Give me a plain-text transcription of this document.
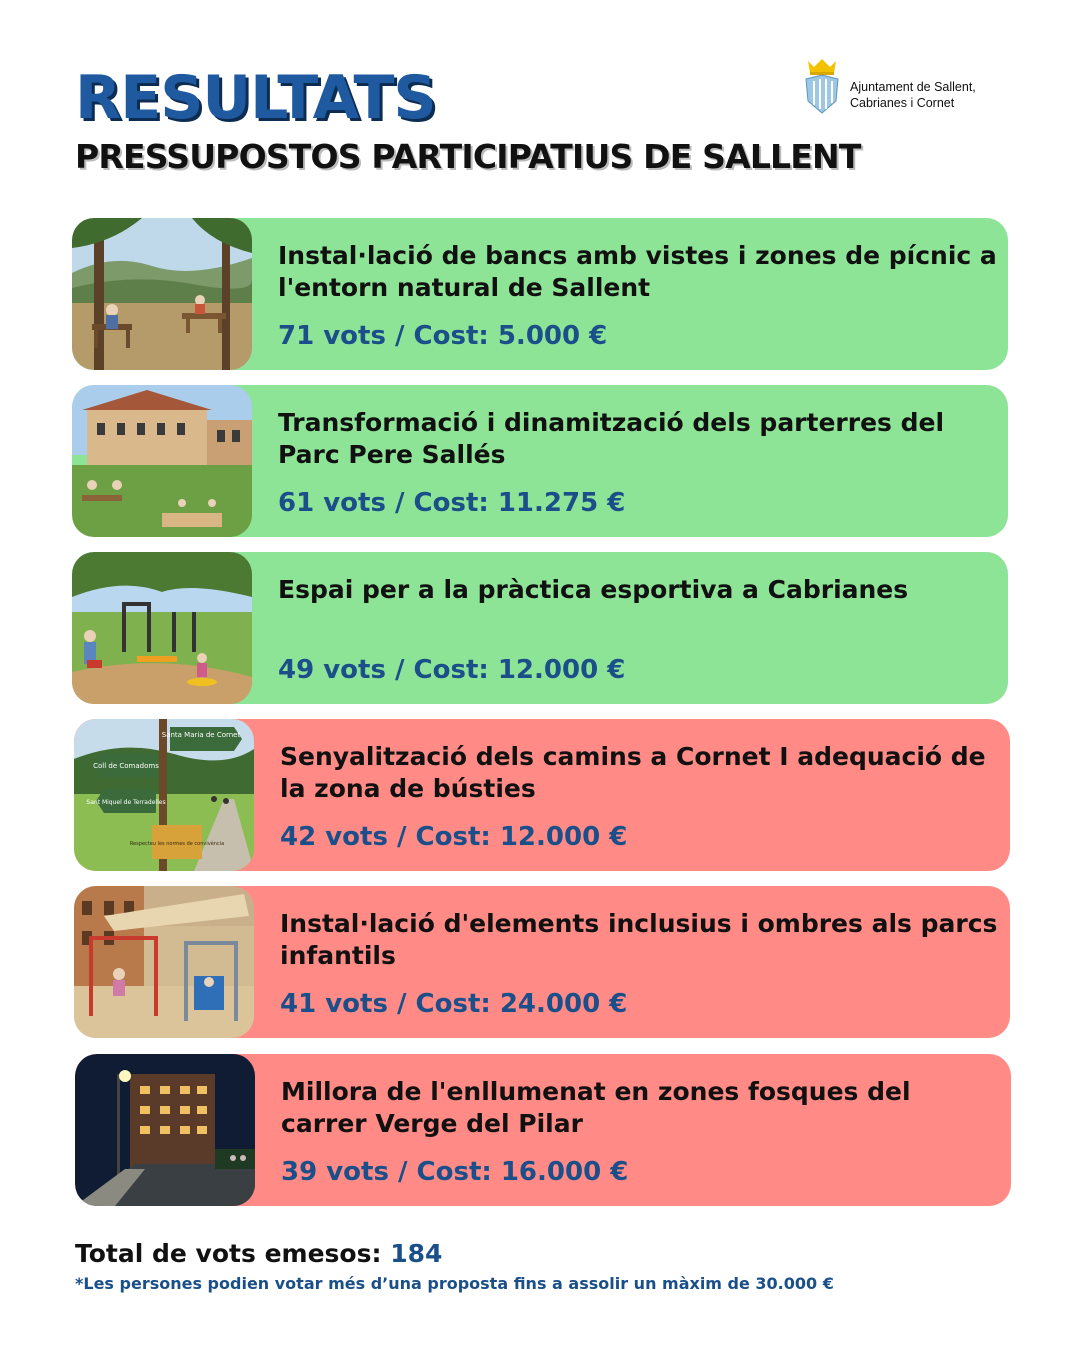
RESULTATS
PRESSUPOSTOS PARTICIPATIUS DE SALLENT
Ajuntament de Sallent,
Cabrianes i Cornet
Instal·lació de bancs amb vistes i zones de pícnic a l'entorn natural de Sallent
71 vots / Cost: 5.000 €
Transformació i dinamització dels parterres del Parc Pere Sallés
61 vots / Cost: 11.275 €
Espai per a la pràctica esportiva a Cabrianes
49 vots / Cost: 12.000 €
Santa Maria de Cornet
Coll de Comadoms
Sant Miquel de Terradelles
Respecteu les normes de convivència
Senyalització dels camins a Cornet I adequació de la zona de bústies
42 vots / Cost: 12.000 €
Instal·lació d'elements inclusius i ombres als parcs infantils
41 vots / Cost: 24.000 €
Millora de l'enllumenat en zones fosques del carrer Verge del Pilar
39 vots / Cost: 16.000 €
Total de vots emesos: 184
*Les persones podien votar més d’una proposta fins a assolir un màxim de 30.000 €
